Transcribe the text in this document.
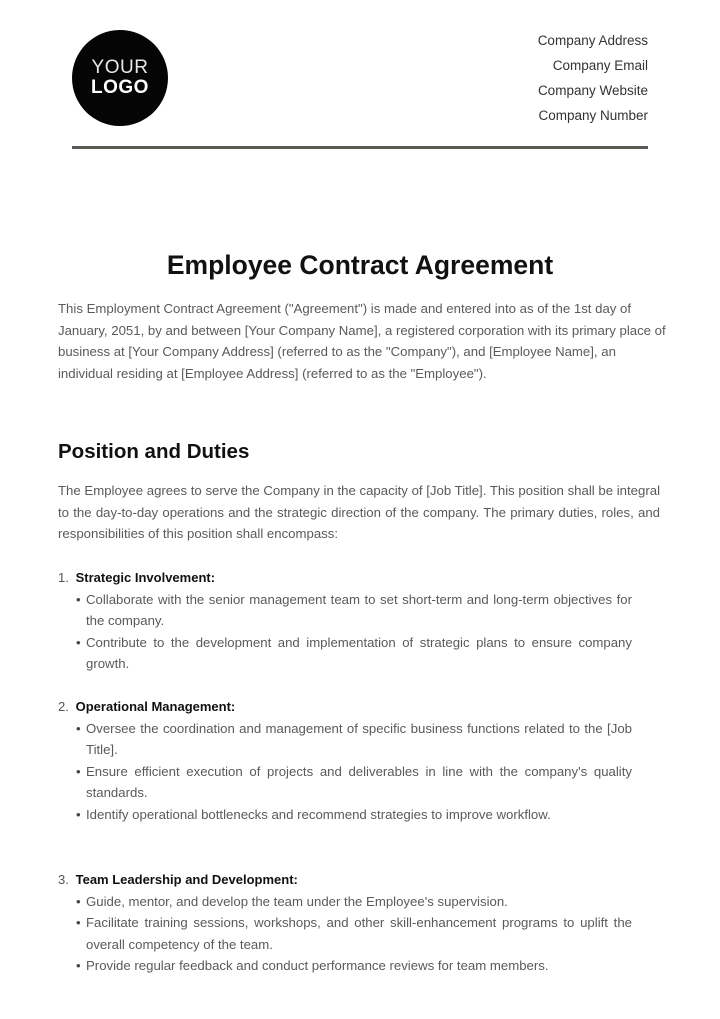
YOUR
LOGO
Company Address
Company Email
Company Website
Company Number
Employee Contract Agreement

This Employment Contract Agreement ("Agreement") is made and entered into as of the 1st day of January, 2051, by and between [Your Company Name], a registered corporation with its primary place of business at [Your Company Address] (referred to as the "Company"), and [Employee Name], an individual residing at [Employee Address] (referred to as the "Employee").

Position and Duties

The Employee agrees to serve the Company in the capacity of [Job Title]. This position shall be integral to the day-to-day operations and the strategic direction of the company. The primary duties, roles, and responsibilities of this position shall encompass:

1. Strategic Involvement:
• Collaborate with the senior management team to set short-term and long-term objectives for the company.
• Contribute to the development and implementation of strategic plans to ensure company growth.
2. Operational Management:
• Oversee the coordination and management of specific business functions related to the [Job Title].
• Ensure efficient execution of projects and deliverables in line with the company's quality standards.
• Identify operational bottlenecks and recommend strategies to improve workflow.
3. Team Leadership and Development:
• Guide, mentor, and develop the team under the Employee's supervision.
• Facilitate training sessions, workshops, and other skill-enhancement programs to uplift the overall competency of the team.
• Provide regular feedback and conduct performance reviews for team members.
